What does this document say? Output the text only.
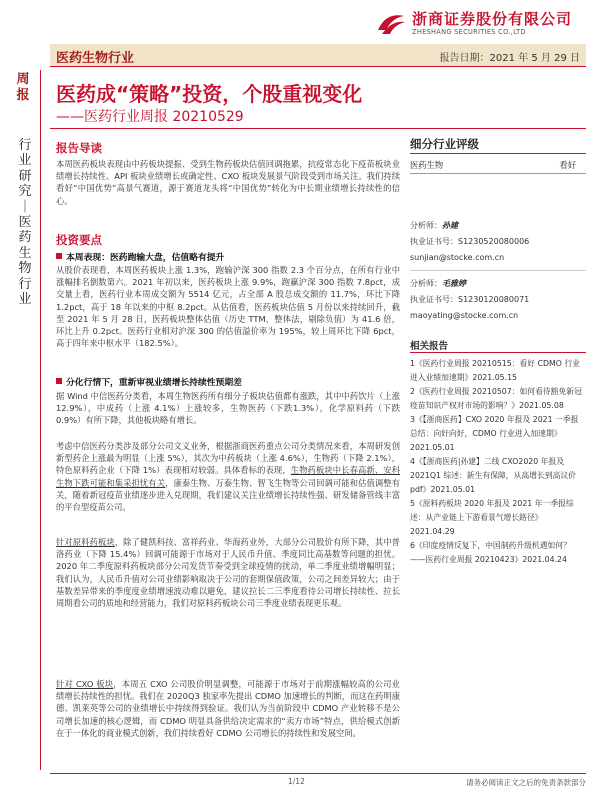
浙商证券股份有限公司
ZHESHANG SECURITIES CO.,LTD
医药生物行业	报告日期：2021 年 5 月 29 日
周报
行业研究｜医药生物行业
医药成“策略”投资，个股重视变化
——医药行业周报 20210529
报告导读
本周医药板块表现由中药板块提振、受到生物药板块估值回调拖累，抗疫常态化下疫苗板块业绩增长持续性、API 板块业绩增长或确定性、CXO 板块发展景气阶段受到市场关注。我们持续看好“中国优势”高景气赛道，源于赛道龙头将“中国优势”转化为中长期业绩增长持续性的信心。
投资要点
本周表现：医药跑输大盘，估值略有提升
从股价表现看，本周医药板块上涨 1.3%，跑输沪深 300 指数 2.3 个百分点，在所有行业中涨幅排名倒数第六。2021 年初以来，医药板块上涨 9.9%，跑赢沪深 300 指数 7.8pct，成交量上看，医药行业本周成交额为 5514 亿元，占全部 A 股总成交额的 11.7%，环比下降 1.2pct，高于 18 年以来的中枢 8.2pct。从估值看，医药板块估值 5 月份以来持续回升，截至 2021 年 5 月 28 日，医药板块整体估值（历史 TTM，整体法，剔除负值）为 41.6 倍，环比上升 0.2pct。医药行业相对沪深 300 的估值溢价率为 195%，较上周环比下降 6pct，高于四年来中枢水平（182.5%）。
分化行情下，重新审视业绩增长持续性预期差
据 Wind 中信医药分类看，本周生物医药所有细分子板块估值都有涨跌，其中中药饮片（上涨 12.9%），中成药（上涨 4.1%）上涨较多，生物医药（下跌1.3%），化学原料药（下跌 0.9%）有所下降，其他板块略有增长。
考虑中信医药分类涉及部分公司文义业务，根据浙商医药重点公司分类情况来看，本周研发创新型药企上涨最为明显（上涨 5%），其次为中药板块（上涨 4.6%），生物药（下降 2.1%），特色原料药企业（下降 1%）表现相对较弱。具体看标的表现，生物药板块中长春高新、安科生物下跌可能和集采担忧有关，康泰生物、万泰生物、智飞生物等公司回调可能和估值调整有关，随着新冠疫苗业绩逐步进入兑现期，我们建议关注业绩增长持续性强、研发储备管线丰富的平台型疫苗公司。
针对原料药板块，除了健凯科技、富祥药业、华海药业外，大部分公司股价有所下降，其中普洛药业（下降 15.4%）回调可能源于市场对于人民币升值、季度同比高基数等问题的担忧。2020 年二季度原料药板块部分公司发货节奏受到全球疫情的扰动，单二季度业绩增幅明显；我们认为，人民币升值对公司业绩影响取决于公司的套期保值政策，公司之间差异较大；由于基数差异带来的季度度业绩增速波动难以避免，建议拉长二三季度看待公司增长持续性、拉长周期看公司的质地和经营能力，我们对原料药板块公司三季度业绩表现更乐观。
针对 CXO 板块，本周五 CXO 公司股价明显调整，可能源于市场对于前期涨幅较高的公司业绩增长持续性的担忧。我们在 2020Q3 独家率先提出 CDMO 加速增长的判断，而这在药明康德、凯莱英等公司的业绩增长中持续得到验证。我们认为当前阶段中 CDMO 产业转移不是公司增长加速的核心逻辑，而 CDMO 明显具备供给决定需求的“卖方市场”特点，供给模式创新在于一体化的商业模式创新，我们持续看好 CDMO 公司增长的持续性和发展空间。
细分行业评级
医药生物	看好
分析师：孙建
执业证书号：S1230520080006
sunjian@stocke.com.cn
分析师：毛雅婷
执业证书号：S1230120080071
maoyating@stocke.com.cn
相关报告
1《医药行业周报 20210515：看好 CDMO 行业进入业绩加速期》2021.05.15
2《医药行业周报 20210507：如何看待豁免新冠疫苗知识产权对市场的影响？》2021.05.08
3《【浙商医药】CXO 2020 年报及 2021 一季报总结：向好向好，CDMO 行业进入加速期》2021.05.01
4《【浙商医药|孙建】二线 CXO2020 年报及 2021Q1 综述：新生有保障，从高增长到高议价pdf》2021.05.01
5《原料药板块 2020 年报及 2021 年一季报综述：从产业链上下游看景气增长路径》2021.04.29
6《印度疫情反复下，中国制药升级机遇如何？——医药行业周报 20210423》2021.04.24
1/12	请务必阅读正文之后的免责条款部分
